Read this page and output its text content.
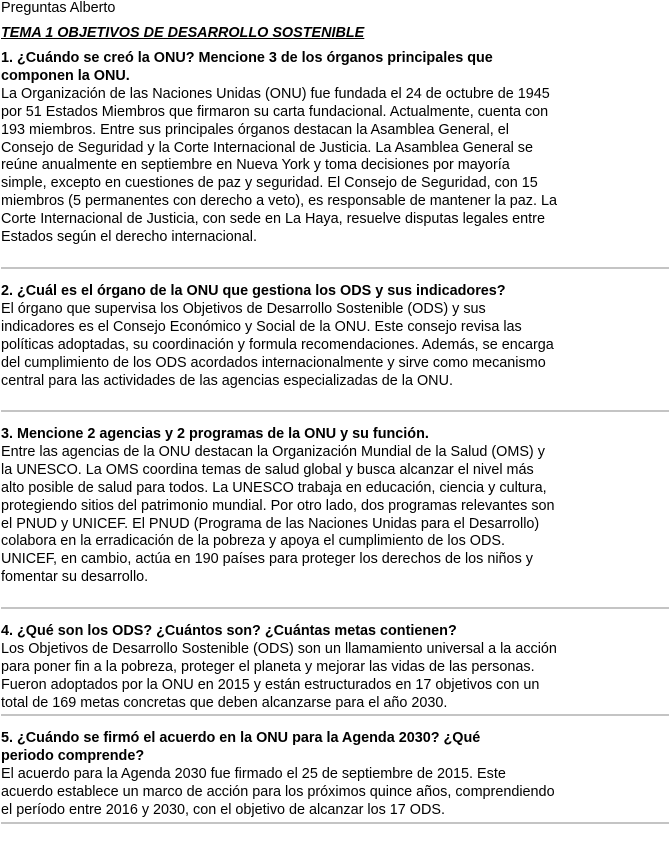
Preguntas Alberto
TEMA 1 OBJETIVOS DE DESARROLLO SOSTENIBLE

1. ¿Cuándo se creó la ONU? Mencione 3 de los órganos principales que componen la ONU.

La Organización de las Naciones Unidas (ONU) fue fundada el 24 de octubre de 1945 por 51 Estados Miembros que firmaron su carta fundacional. Actualmente, cuenta con 193 miembros. Entre sus principales órganos destacan la Asamblea General, el Consejo de Seguridad y la Corte Internacional de Justicia. La Asamblea General se reúne anualmente en septiembre en Nueva York y toma decisiones por mayoría simple, excepto en cuestiones de paz y seguridad. El Consejo de Seguridad, con 15 miembros (5 permanentes con derecho a veto), es responsable de mantener la paz. La Corte Internacional de Justicia, con sede en La Haya, resuelve disputas legales entre Estados según el derecho internacional.

2. ¿Cuál es el órgano de la ONU que gestiona los ODS y sus indicadores?

El órgano que supervisa los Objetivos de Desarrollo Sostenible (ODS) y sus indicadores es el Consejo Económico y Social de la ONU. Este consejo revisa las políticas adoptadas, su coordinación y formula recomendaciones. Además, se encarga del cumplimiento de los ODS acordados internacionalmente y sirve como mecanismo central para las actividades de las agencias especializadas de la ONU.

3. Mencione 2 agencias y 2 programas de la ONU y su función.

Entre las agencias de la ONU destacan la Organización Mundial de la Salud (OMS) y la UNESCO. La OMS coordina temas de salud global y busca alcanzar el nivel más alto posible de salud para todos. La UNESCO trabaja en educación, ciencia y cultura, protegiendo sitios del patrimonio mundial. Por otro lado, dos programas relevantes son el PNUD y UNICEF. El PNUD (Programa de las Naciones Unidas para el Desarrollo) colabora en la erradicación de la pobreza y apoya el cumplimiento de los ODS. UNICEF, en cambio, actúa en 190 países para proteger los derechos de los niños y fomentar su desarrollo.

4. ¿Qué son los ODS? ¿Cuántos son? ¿Cuántas metas contienen?

Los Objetivos de Desarrollo Sostenible (ODS) son un llamamiento universal a la acción para poner fin a la pobreza, proteger el planeta y mejorar las vidas de las personas. Fueron adoptados por la ONU en 2015 y están estructurados en 17 objetivos con un total de 169 metas concretas que deben alcanzarse para el año 2030.

5. ¿Cuándo se firmó el acuerdo en la ONU para la Agenda 2030? ¿Qué periodo comprende?

El acuerdo para la Agenda 2030 fue firmado el 25 de septiembre de 2015. Este acuerdo establece un marco de acción para los próximos quince años, comprendiendo el período entre 2016 y 2030, con el objetivo de alcanzar los 17 ODS.
